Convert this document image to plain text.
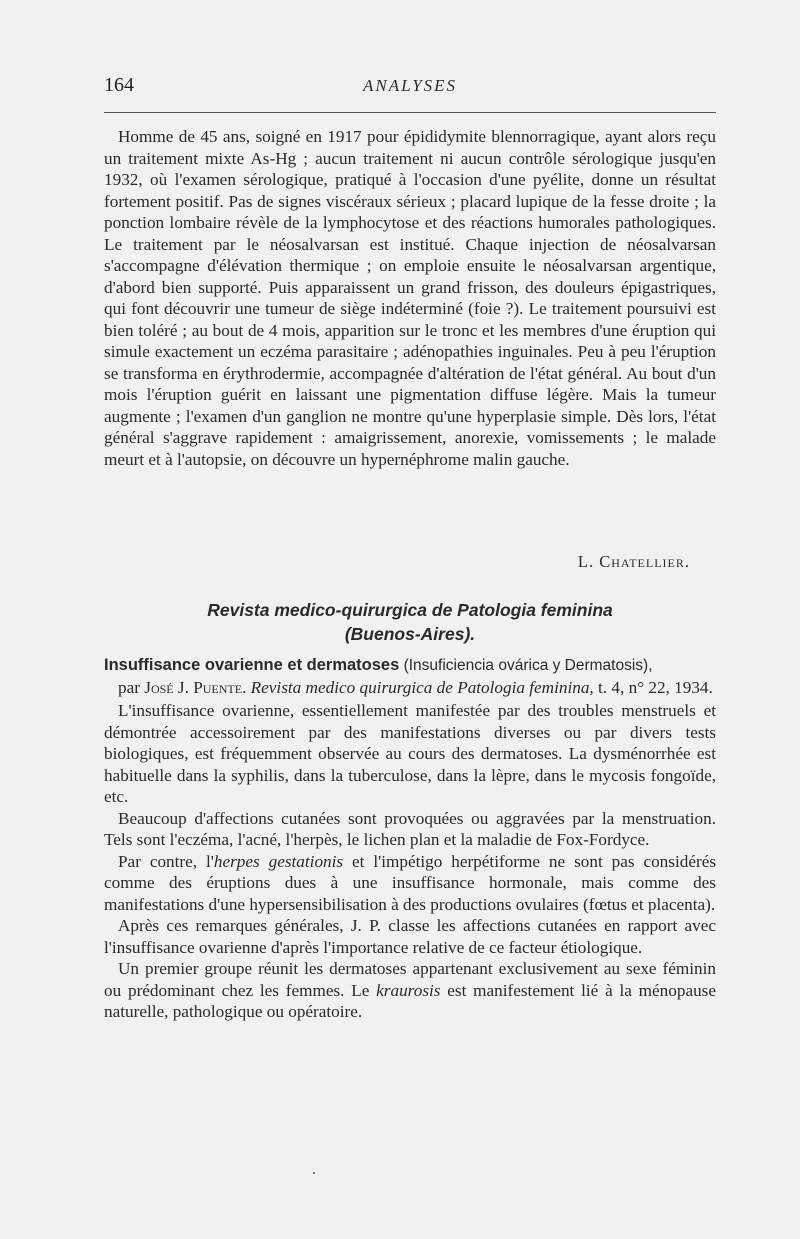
164	ANALYSES

Homme de 45 ans, soigné en 1917 pour épididymite blennorragique, ayant alors reçu un traitement mixte As-Hg ; aucun traitement ni aucun contrôle sérologique jusqu'en 1932, où l'examen sérologique, pratiqué à l'occasion d'une pyélite, donne un résultat fortement positif. Pas de signes viscéraux sérieux ; placard lupique de la fesse droite ; la ponction lombaire révèle de la lymphocytose et des réactions humorales pathologiques. Le traitement par le néosalvarsan est institué. Chaque injection de néosalvarsan s'accompagne d'élévation thermique ; on emploie ensuite le néosalvarsan argentique, d'abord bien supporté. Puis apparaissent un grand frisson, des douleurs épigastriques, qui font découvrir une tumeur de siège indéterminé (foie ?). Le traitement poursuivi est bien toléré ; au bout de 4 mois, apparition sur le tronc et les membres d'une éruption qui simule exactement un eczéma parasitaire ; adénopathies inguinales. Peu à peu l'éruption se transforma en érythrodermie, accompagnée d'altération de l'état général. Au bout d'un mois l'éruption guérit en laissant une pigmentation diffuse légère. Mais la tumeur augmente ; l'examen d'un ganglion ne montre qu'une hyperplasie simple. Dès lors, l'état général s'aggrave rapidement : amaigrissement, anorexie, vomissements ; le malade meurt et à l'autopsie, on découvre un hypernéphrome malin gauche.

L. Chatellier.
Revista medico-quirurgica de Patologia feminina
(Buenos-Aires).
Insuffisance ovarienne et dermatoses (Insuficiencia ovárica y Dermatosis),
par José J. Puente. Revista medico quirurgica de Patologia feminina, t. 4, n° 22, 1934.

L'insuffisance ovarienne, essentiellement manifestée par des troubles menstruels et démontrée accessoirement par des manifestations diverses ou par divers tests biologiques, est fréquemment observée au cours des dermatoses. La dysménorrhée est habituelle dans la syphilis, dans la tuberculose, dans la lèpre, dans le mycosis fongoïde, etc.

Beaucoup d'affections cutanées sont provoquées ou aggravées par la menstruation. Tels sont l'eczéma, l'acné, l'herpès, le lichen plan et la maladie de Fox-Fordyce.

Par contre, l'herpes gestationis et l'impétigo herpétiforme ne sont pas considérés comme des éruptions dues à une insuffisance hormonale, mais comme des manifestations d'une hypersensibilisation à des productions ovulaires (fœtus et placenta).

Après ces remarques générales, J. P. classe les affections cutanées en rapport avec l'insuffisance ovarienne d'après l'importance relative de ce facteur étiologique.

Un premier groupe réunit les dermatoses appartenant exclusivement au sexe féminin ou prédominant chez les femmes. Le kraurosis est manifestement lié à la ménopause naturelle, pathologique ou opératoire.
